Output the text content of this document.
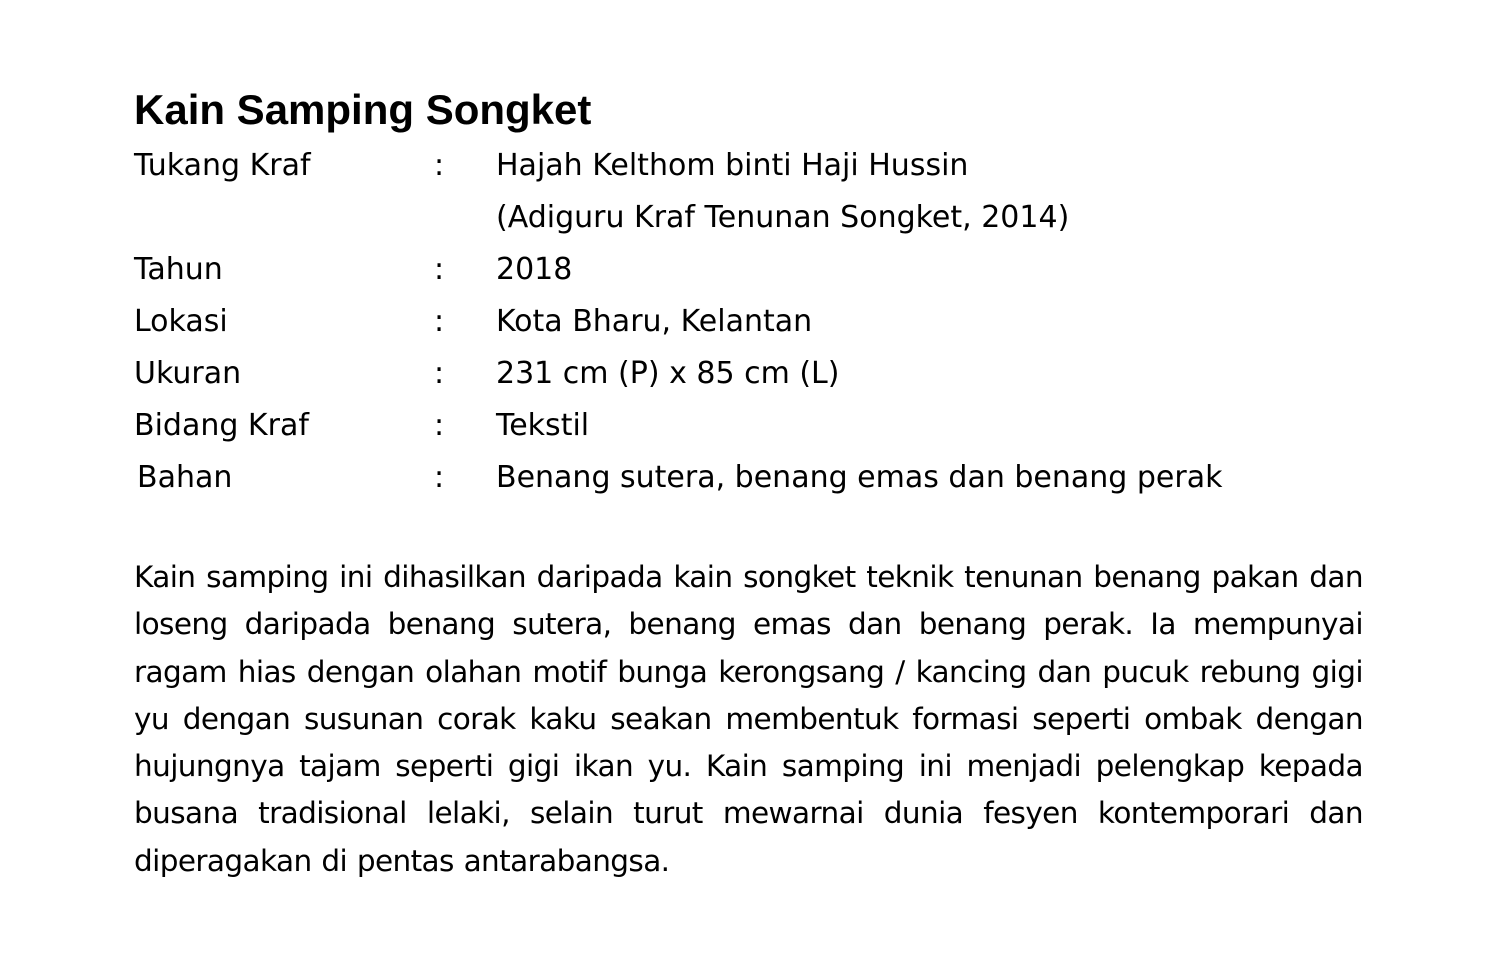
Kain Samping Songket
Tukang Kraf	:	Hajah Kelthom binti Haji Hussin
(Adiguru Kraf Tenunan Songket, 2014)
Tahun	:	2018
Lokasi	:	Kota Bharu, Kelantan
Ukuran	:	231 cm (P) x 85 cm (L)
Bidang Kraf	:	Tekstil
Bahan	:	Benang sutera, benang emas dan benang perak

Kain samping ini dihasilkan daripada kain songket teknik tenunan benang pakan dan loseng daripada benang sutera, benang emas dan benang perak. Ia mempunyai ragam hias dengan olahan motif bunga kerongsang / kancing dan pucuk rebung gigi yu dengan susunan corak kaku seakan membentuk formasi seperti ombak dengan hujungnya tajam seperti gigi ikan yu. Kain samping ini menjadi pelengkap kepada busana tradisional lelaki, selain turut mewarnai dunia fesyen kontemporari dan diperagakan di pentas antarabangsa.
